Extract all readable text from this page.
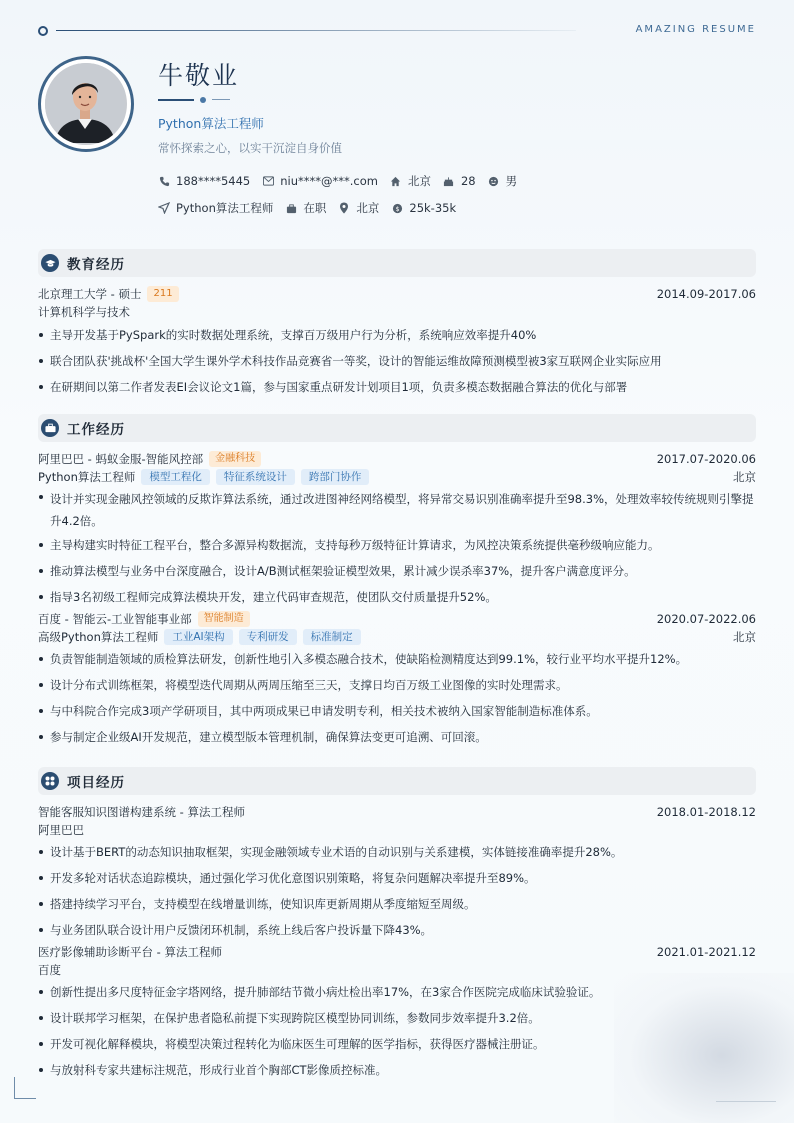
AMAZING RESUME
牛敬业
Python算法工程师
常怀探索之心，以实干沉淀自身价值
188****5445	niu****@***.com	北京	28	男
Python算法工程师	在职	北京 $ 25k-35k
教育经历
北京理工大学 - 硕士	211	2014.09-2017.06
计算机科学与技术
主导开发基于PySpark的实时数据处理系统，支撑百万级用户行为分析，系统响应效率提升40%
联合团队获'挑战杯'全国大学生课外学术科技作品竞赛省一等奖，设计的智能运维故障预测模型被3家互联网企业实际应用
在研期间以第二作者发表EI会议论文1篇，参与国家重点研发计划项目1项，负责多模态数据融合算法的优化与部署
工作经历
阿里巴巴 - 蚂蚁金服-智能风控部	金融科技	2017.07-2020.06
Python算法工程师	模型工程化	特征系统设计	跨部门协作	北京
设计并实现金融风控领域的反欺诈算法系统，通过改进图神经网络模型，将异常交易识别准确率提升至98.3%，处理效率较传统规则引擎提升4.2倍。
主导构建实时特征工程平台，整合多源异构数据流，支持每秒万级特征计算请求，为风控决策系统提供毫秒级响应能力。
推动算法模型与业务中台深度融合，设计A/B测试框架验证模型效果，累计减少误杀率37%，提升客户满意度评分。
指导3名初级工程师完成算法模块开发，建立代码审查规范，使团队交付质量提升52%。
百度 - 智能云-工业智能事业部	智能制造	2020.07-2022.06
高级Python算法工程师	工业AI架构	专利研发	标准制定	北京
负责智能制造领域的质检算法研发，创新性地引入多模态融合技术，使缺陷检测精度达到99.1%，较行业平均水平提升12%。
设计分布式训练框架，将模型迭代周期从两周压缩至三天，支撑日均百万级工业图像的实时处理需求。
与中科院合作完成3项产学研项目，其中两项成果已申请发明专利，相关技术被纳入国家智能制造标准体系。
参与制定企业级AI开发规范，建立模型版本管理机制，确保算法变更可追溯、可回滚。
项目经历
智能客服知识图谱构建系统 - 算法工程师	2018.01-2018.12
阿里巴巴
设计基于BERT的动态知识抽取框架，实现金融领域专业术语的自动识别与关系建模，实体链接准确率提升28%。
开发多轮对话状态追踪模块，通过强化学习优化意图识别策略，将复杂问题解决率提升至89%。
搭建持续学习平台，支持模型在线增量训练，使知识库更新周期从季度缩短至周级。
与业务团队联合设计用户反馈闭环机制，系统上线后客户投诉量下降43%。
医疗影像辅助诊断平台 - 算法工程师	2021.01-2021.12
百度
创新性提出多尺度特征金字塔网络，提升肺部结节微小病灶检出率17%，在3家合作医院完成临床试验验证。
设计联邦学习框架，在保护患者隐私前提下实现跨院区模型协同训练，参数同步效率提升3.2倍。
开发可视化解释模块，将模型决策过程转化为临床医生可理解的医学指标，获得医疗器械注册证。
与放射科专家共建标注规范，形成行业首个胸部CT影像质控标准。
